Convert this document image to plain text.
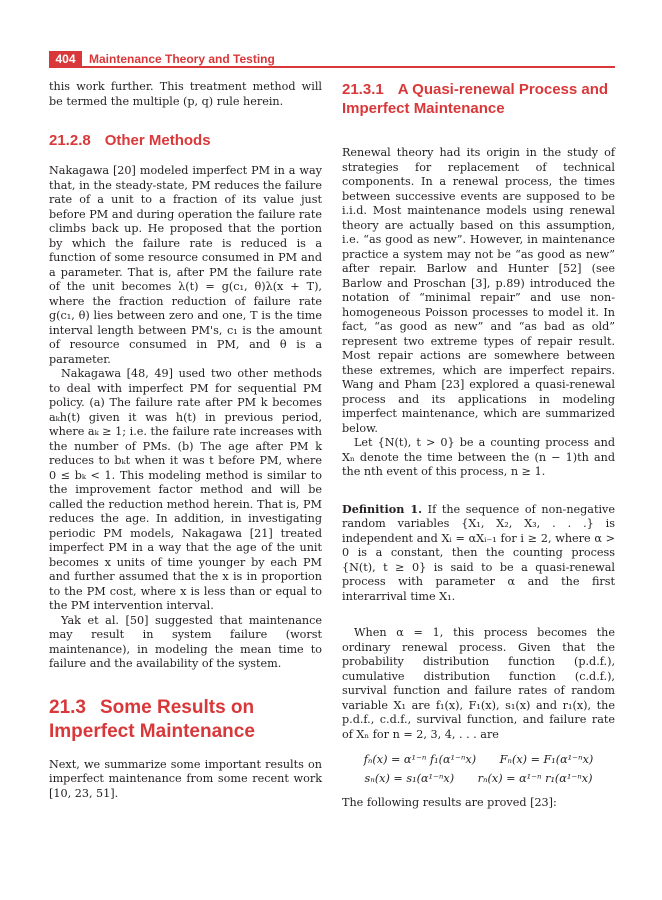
404	Maintenance Theory and Testing

this work further. This treatment method will be termed the multiple (p, q) rule herein.

21.2.8 Other Methods

Nakagawa [20] modeled imperfect PM in a way that, in the steady-state, PM reduces the failure rate of a unit to a fraction of its value just before PM and during operation the failure rate climbs back up. He proposed that the portion by which the failure rate is reduced is a function of some resource consumed in PM and a parameter. That is, after PM the failure rate of the unit becomes λ(t) = g(c₁, θ)λ(x + T), where the fraction reduction of failure rate g(c₁, θ) lies between zero and one, T is the time interval length between PM's, c₁ is the amount of resource consumed in PM, and θ is a parameter.

Nakagawa [48, 49] used two other methods to deal with imperfect PM for sequential PM policy. (a) The failure rate after PM k becomes aₖh(t) given it was h(t) in previous period, where aₖ ≥ 1; i.e. the failure rate increases with the number of PMs. (b) The age after PM k reduces to bₖt when it was t before PM, where 0 ≤ bₖ < 1. This modeling method is similar to the improvement factor method and will be called the reduction method herein. That is, PM reduces the age. In addition, in investigating periodic PM models, Nakagawa [21] treated imperfect PM in a way that the age of the unit becomes x units of time younger by each PM and further assumed that the x is in proportion to the PM cost, where x is less than or equal to the PM intervention interval.

Yak et al. [50] suggested that maintenance may result in system failure (worst maintenance), in modeling the mean time to failure and the availability of the system.

21.3 Some Results on Imperfect Maintenance

Next, we summarize some important results on imperfect maintenance from some recent work [10, 23, 51].

21.3.1 A Quasi-renewal Process and Imperfect Maintenance

Renewal theory had its origin in the study of strategies for replacement of technical components. In a renewal process, the times between successive events are supposed to be i.i.d. Most maintenance models using renewal theory are actually based on this assumption, i.e. “as good as new”. However, in maintenance practice a system may not be “as good as new” after repair. Barlow and Hunter [52] (see Barlow and Proschan [3], p.89) introduced the notation of “minimal repair” and use non-homogeneous Poisson processes to model it. In fact, “as good as new” and “as bad as old” represent two extreme types of repair result. Most repair actions are somewhere between these extremes, which are imperfect repairs. Wang and Pham [23] explored a quasi-renewal process and its applications in modeling imperfect maintenance, which are summarized below.

Let {N(t), t > 0} be a counting process and Xₙ denote the time between the (n − 1)th and the nth event of this process, n ≥ 1.

Definition 1. If the sequence of non-negative random variables {X₁, X₂, X₃, . . .} is independent and Xᵢ = αXᵢ₋₁ for i ≥ 2, where α > 0 is a constant, then the counting process {N(t), t ≥ 0} is said to be a quasi-renewal process with parameter α and the first interarrival time X₁.

When α = 1, this process becomes the ordinary renewal process. Given that the probability distribution function (p.d.f.), cumulative distribution function (c.d.f.), survival function and failure rates of random variable X₁ are f₁(x), F₁(x), s₁(x) and r₁(x), the p.d.f., c.d.f., survival function, and failure rate of Xₙ for n = 2, 3, 4, . . . are

fₙ(x) = α¹⁻ⁿ f₁(α¹⁻ⁿx) Fₙ(x) = F₁(α¹⁻ⁿx)
sₙ(x) = s₁(α¹⁻ⁿx) rₙ(x) = α¹⁻ⁿ r₁(α¹⁻ⁿx)

The following results are proved [23]:
